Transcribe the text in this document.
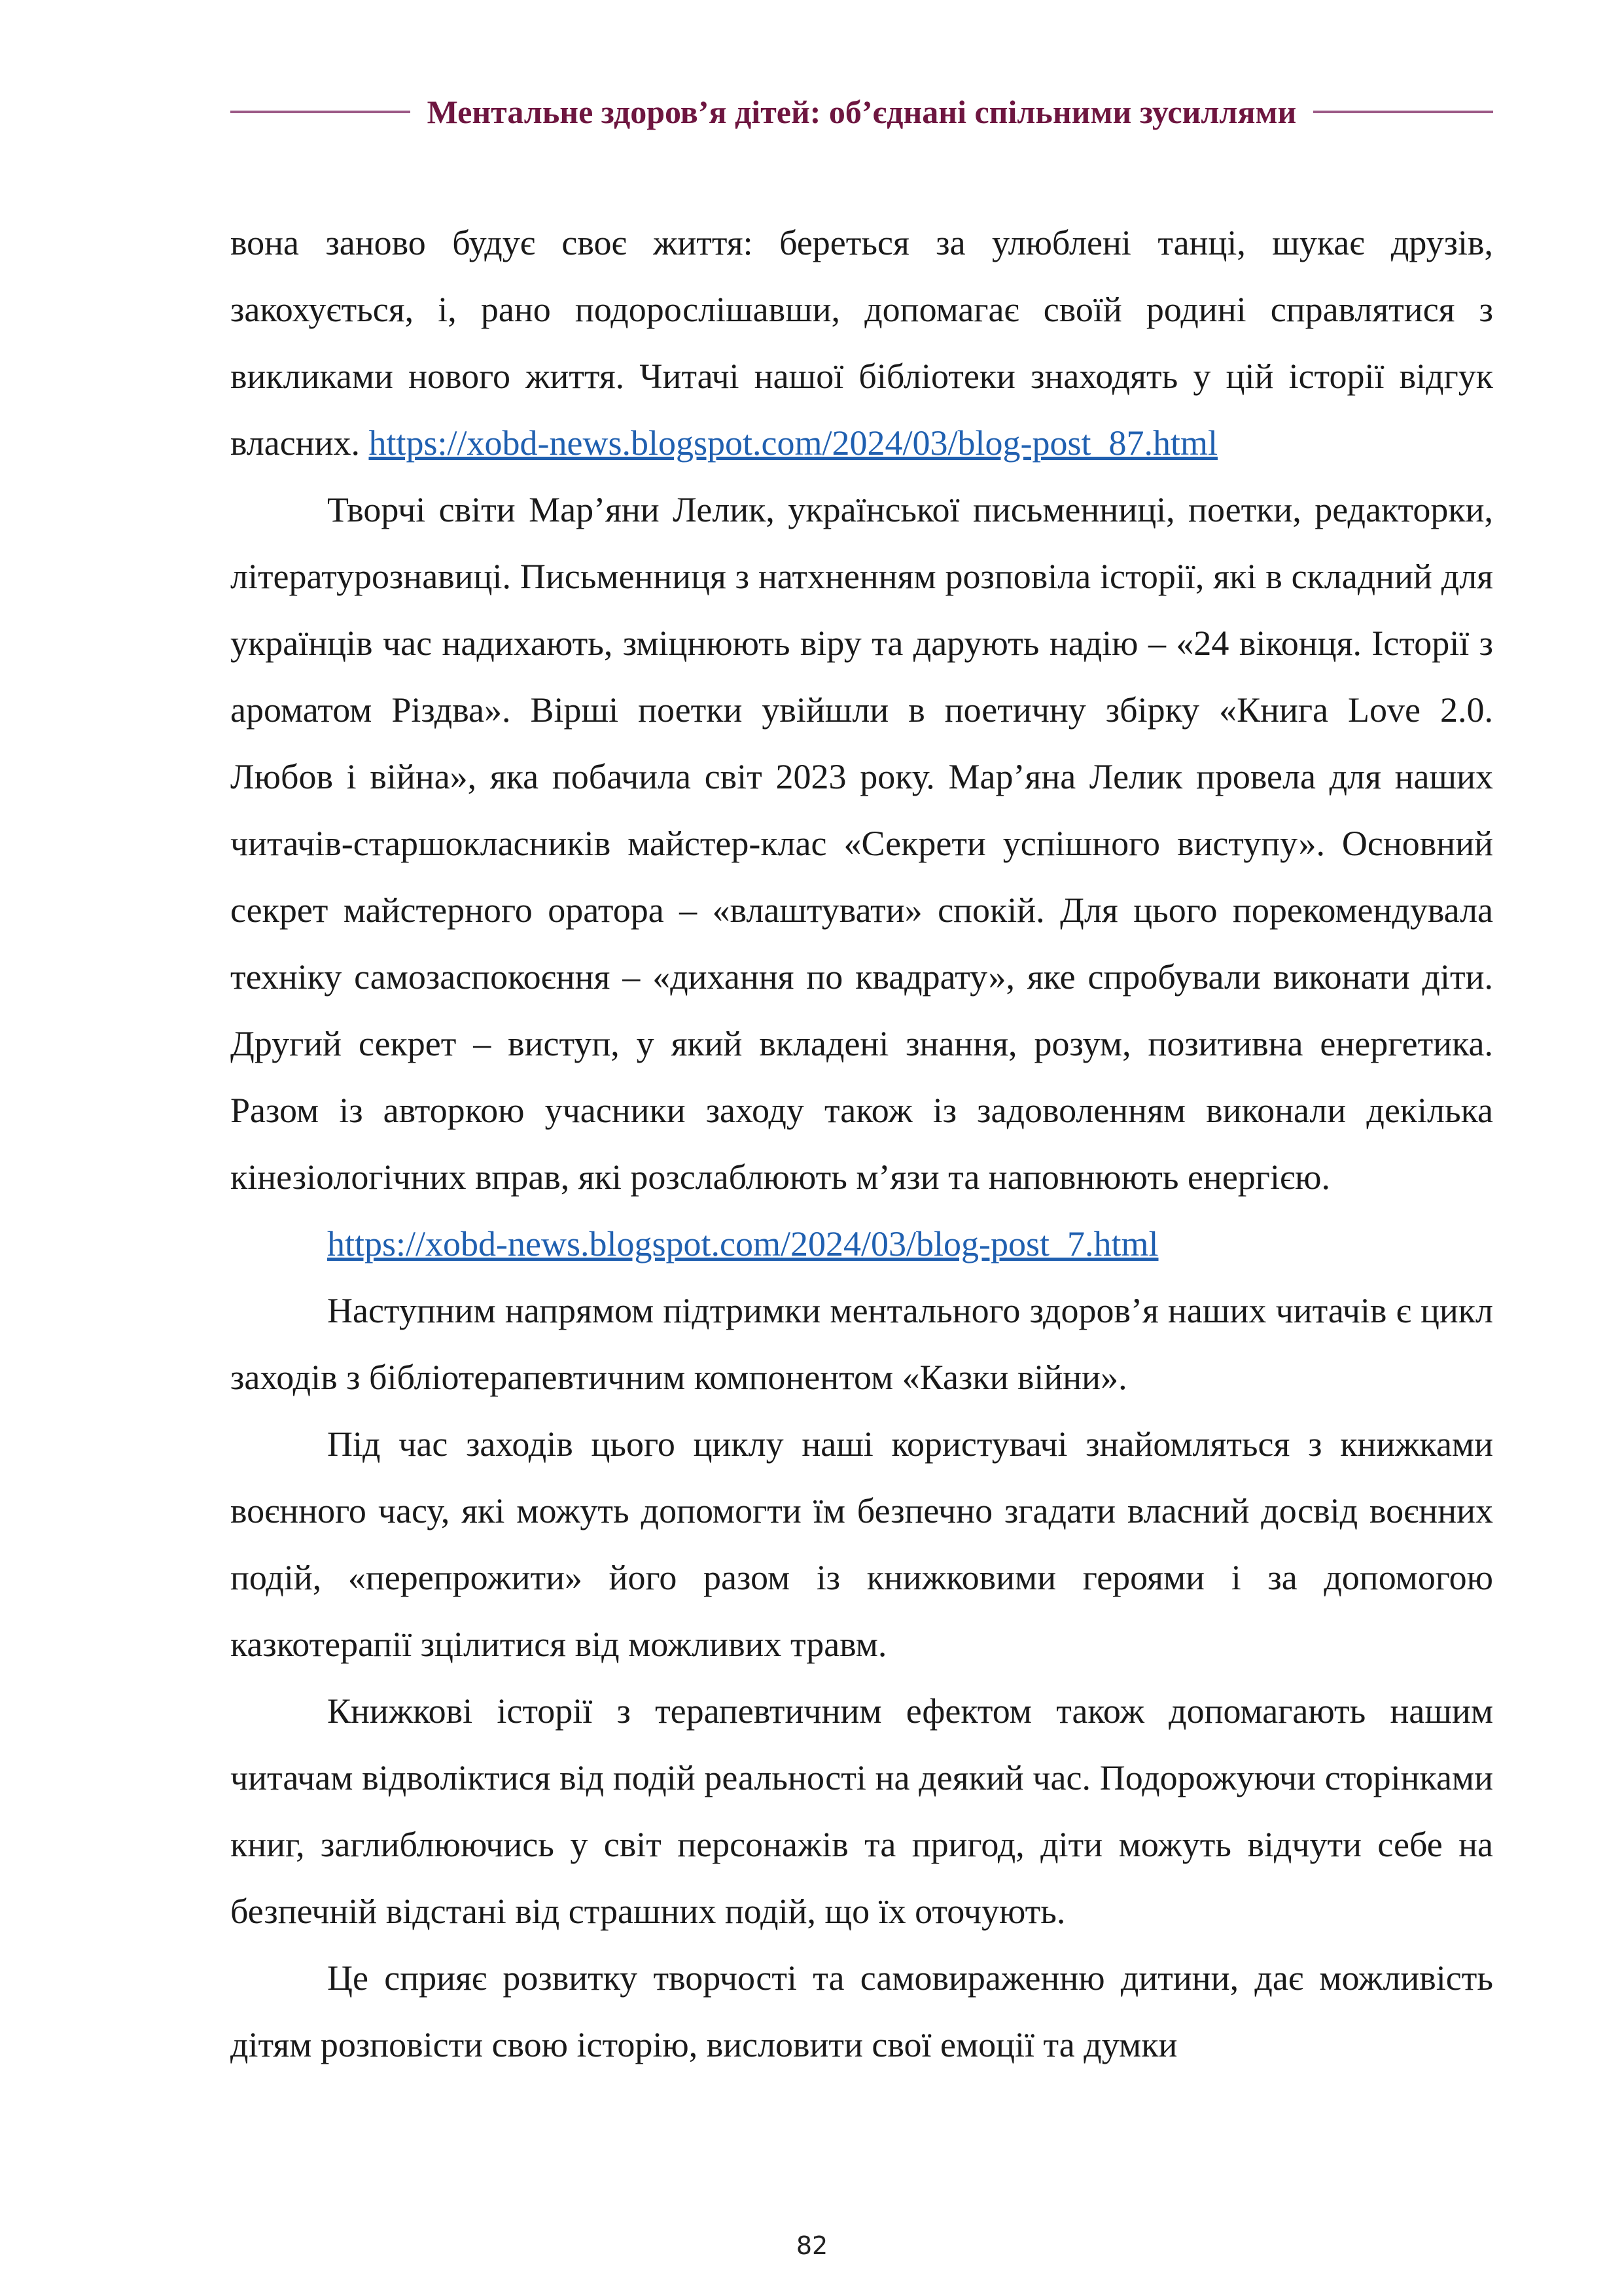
Ментальне здоров’я дітей: об’єднані спільними зусиллями

вона заново будує своє життя: береться за улюблені танці, шукає друзів, закохується, і, рано подорослішавши, допомагає своїй родині справлятися з викликами нового життя. Читачі нашої бібліотеки знаходять у цій історії відгук власних. https://xobd-news.blogspot.com/2024/03/blog-post_87.html

Творчі світи Мар’яни Лелик, української письменниці, поетки, редакторки, літературознавиці. Письменниця з натхненням розповіла історії, які в складний для українців час надихають, зміцнюють віру та дарують надію – «24 віконця. Історії з ароматом Різдва». Вірші поетки увійшли в поетичну збірку «Книга Love 2.0. Любов і війна», яка побачила світ 2023 року. Мар’яна Лелик провела для наших читачів-старшокласників майстер-клас «Секрети успішного виступу». Основний секрет майстерного оратора – «влаштувати» спокій. Для цього порекомендувала техніку самозаспокоєння – «дихання по квадрату», яке спробували виконати діти. Другий секрет – виступ, у який вкладені знання, розум, позитивна енергетика. Разом із авторкою учасники заходу також із задоволенням виконали декілька кінезіологічних вправ, які розслаблюють м’язи та наповнюють енергією.

https://xobd-news.blogspot.com/2024/03/blog-post_7.html

Наступним напрямом підтримки ментального здоров’я наших читачів є цикл заходів з бібліотерапевтичним компонентом «Казки війни».

Під час заходів цього циклу наші користувачі знайомляться з книжками воєнного часу, які можуть допомогти їм безпечно згадати власний досвід воєнних подій, «перепрожити» його разом із книжковими героями і за допомогою казкотерапії зцілитися від можливих травм.

Книжкові історії з терапевтичним ефектом також допомагають нашим читачам відволіктися від подій реальності на деякий час. Подорожуючи сторінками книг, заглиблюючись у світ персонажів та пригод, діти можуть відчути себе на безпечній відстані від страшних подій, що їх оточують.

Це сприяє розвитку творчості та самовираженню дитини, дає можливість дітям розповісти свою історію, висловити свої емоції та думки

82
